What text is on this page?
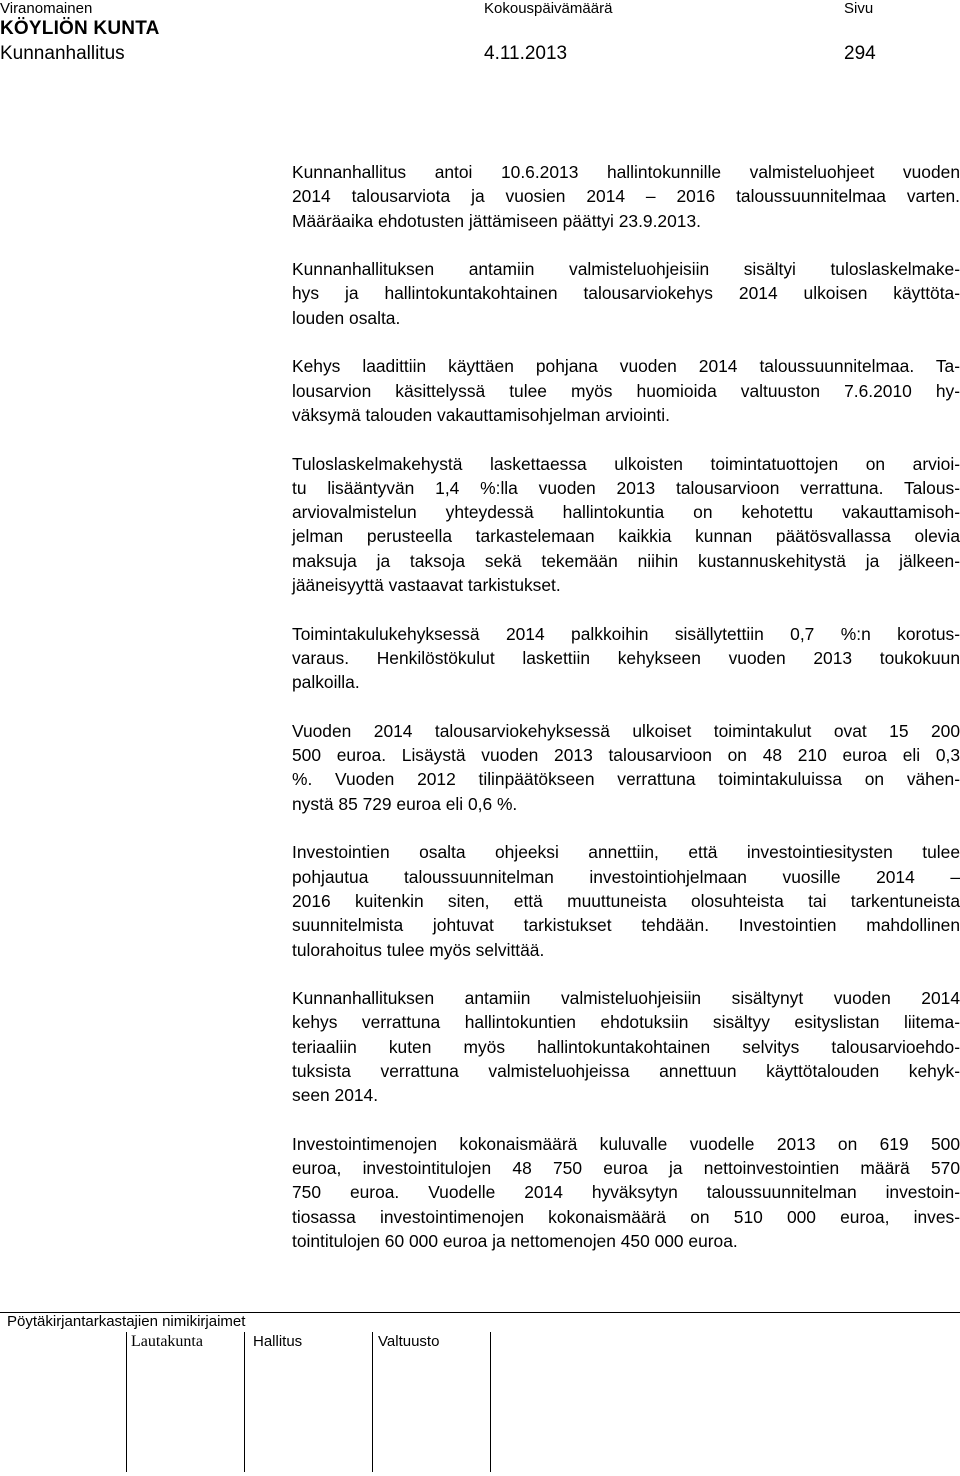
Viranomainen	Kokouspäivämäärä	Sivu
KÖYLIÖN KUNTA
Kunnanhallitus	4.11.2013	294
Kunnanhallitus antoi 10.6.2013 hallintokunnille valmisteluohjeet vuoden
2014 talousarviota ja vuosien 2014 – 2016 taloussuunnitelmaa varten.
Määräaika ehdotusten jättämiseen päättyi 23.9.2013.
Kunnanhallituksen antamiin valmisteluohjeisiin sisältyi tuloslaskelmake-
hys ja hallintokuntakohtainen talousarviokehys 2014 ulkoisen käyttöta-
louden osalta.
Kehys laadittiin käyttäen pohjana vuoden 2014 taloussuunnitelmaa. Ta-
lousarvion käsittelyssä tulee myös huomioida valtuuston 7.6.2010 hy-
väksymä talouden vakauttamisohjelman arviointi.
Tuloslaskelmakehystä laskettaessa ulkoisten toimintatuottojen on arvioi-
tu lisääntyvän 1,4 %:lla vuoden 2013 talousarvioon verrattuna. Talous-
arviovalmistelun yhteydessä hallintokuntia on kehotettu vakauttamisoh-
jelman perusteella tarkastelemaan kaikkia kunnan päätösvallassa olevia
maksuja ja taksoja sekä tekemään niihin kustannuskehitystä ja jälkeen-
jääneisyyttä vastaavat tarkistukset.
Toimintakulukehyksessä 2014 palkkoihin sisällytettiin 0,7 %:n korotus-
varaus. Henkilöstökulut laskettiin kehykseen vuoden 2013 toukokuun
palkoilla.
Vuoden 2014 talousarviokehyksessä ulkoiset toimintakulut ovat 15 200
500 euroa. Lisäystä vuoden 2013 talousarvioon on 48 210 euroa eli 0,3
%. Vuoden 2012 tilinpäätökseen verrattuna toimintakuluissa on vähen-
nystä 85 729 euroa eli 0,6 %.
Investointien osalta ohjeeksi annettiin, että investointiesitysten tulee
pohjautua taloussuunnitelman investointiohjelmaan vuosille 2014 –
2016 kuitenkin siten, että muuttuneista olosuhteista tai tarkentuneista
suunnitelmista johtuvat tarkistukset tehdään. Investointien mahdollinen
tulorahoitus tulee myös selvittää.
Kunnanhallituksen antamiin valmisteluohjeisiin sisältynyt vuoden 2014
kehys verrattuna hallintokuntien ehdotuksiin sisältyy esityslistan liitema-
teriaaliin kuten myös hallintokuntakohtainen selvitys talousarvioehdo-
tuksista verrattuna valmisteluohjeissa annettuun käyttötalouden kehyk-
seen 2014.
Investointimenojen kokonaismäärä kuluvalle vuodelle 2013 on 619 500
euroa, investointitulojen 48 750 euroa ja nettoinvestointien määrä 570
750 euroa. Vuodelle 2014 hyväksytyn taloussuunnitelman investoin-
tiosassa investointimenojen kokonaismäärä on 510 000 euroa, inves-
tointitulojen 60 000 euroa ja nettomenojen 450 000 euroa.
Pöytäkirjantarkastajien nimikirjaimet
Lautakunta	Hallitus	Valtuusto
